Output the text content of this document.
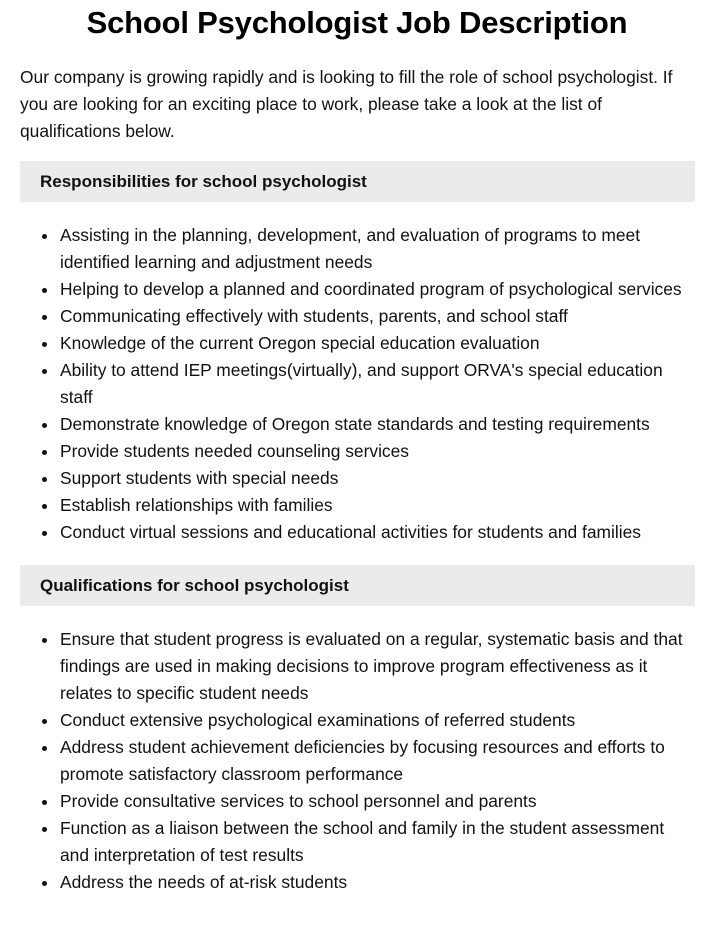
School Psychologist Job Description

Our company is growing rapidly and is looking to fill the role of school psychologist. If you are looking for an exciting place to work, please take a look at the list of qualifications below.

Responsibilities for school psychologist
Assisting in the planning, development, and evaluation of programs to meet identified learning and adjustment needs
Helping to develop a planned and coordinated program of psychological services
Communicating effectively with students, parents, and school staff
Knowledge of the current Oregon special education evaluation
Ability to attend IEP meetings(virtually), and support ORVA's special education staff
Demonstrate knowledge of Oregon state standards and testing requirements
Provide students needed counseling services
Support students with special needs
Establish relationships with families
Conduct virtual sessions and educational activities for students and families
Qualifications for school psychologist
Ensure that student progress is evaluated on a regular, systematic basis and that findings are used in making decisions to improve program effectiveness as it relates to specific student needs
Conduct extensive psychological examinations of referred students
Address student achievement deficiencies by focusing resources and efforts to promote satisfactory classroom performance
Provide consultative services to school personnel and parents
Function as a liaison between the school and family in the student assessment and interpretation of test results
Address the needs of at-risk students
